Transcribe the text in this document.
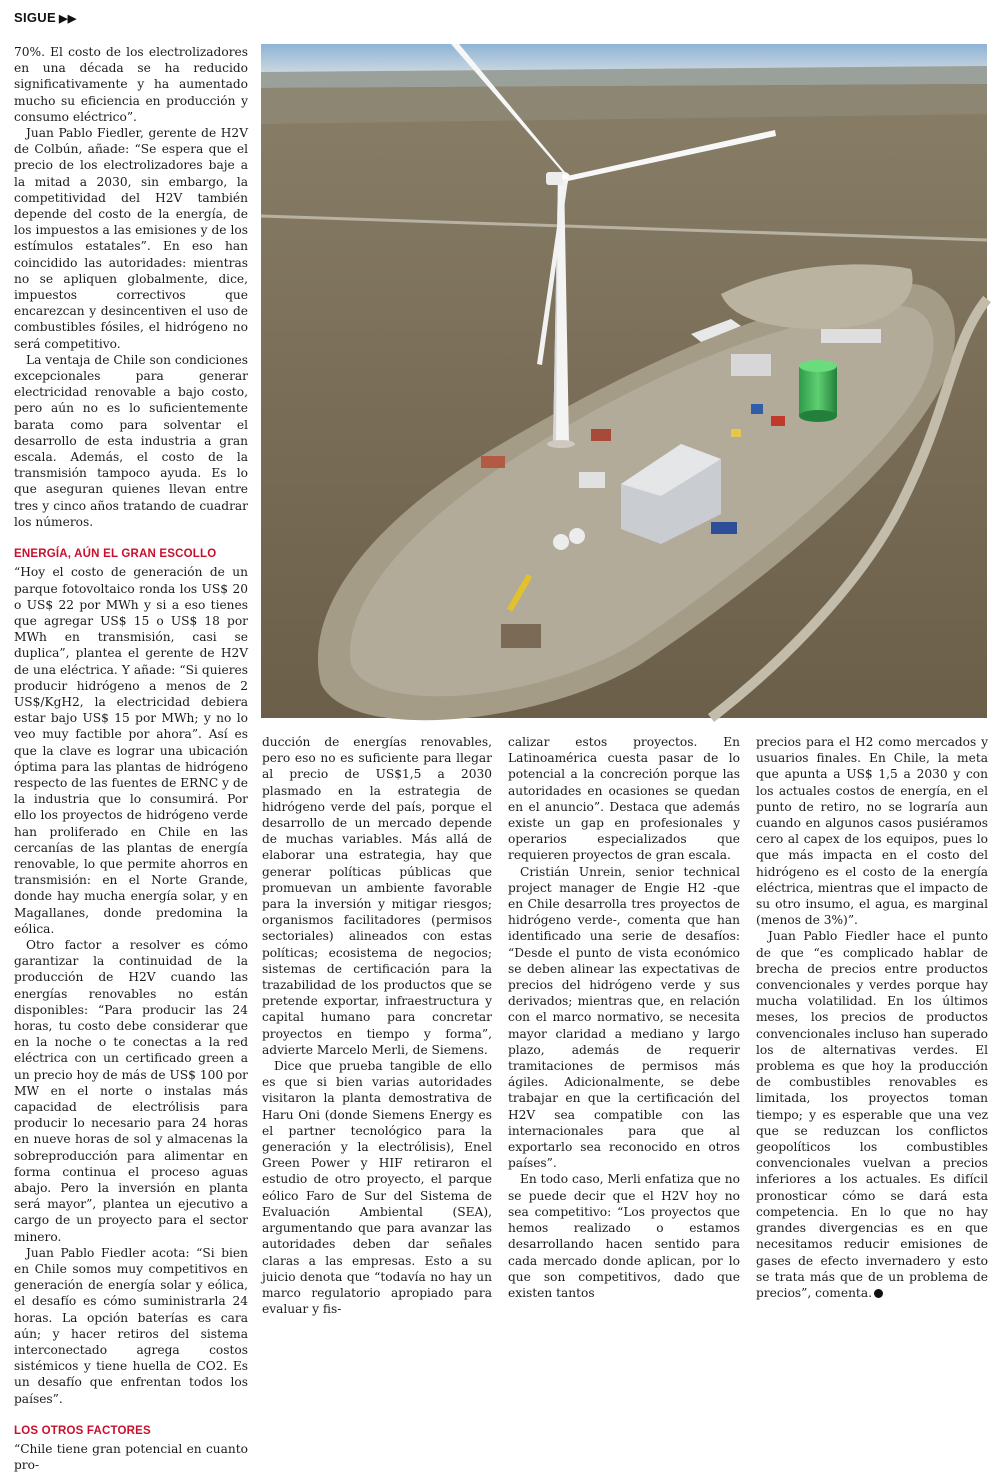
SIGUE ▶▶

70%. El costo de los electrolizadores en una década se ha reducido significativamente y ha aumentado mucho su eficiencia en producción y consumo eléctrico”.

Juan Pablo Fiedler, gerente de H2V de Colbún, añade: “Se espera que el precio de los electrolizadores baje a la mitad a 2030, sin embargo, la competitividad del H2V también depende del costo de la energía, de los impuestos a las emisiones y de los estímulos estatales”. En eso han coincidido las autoridades: mientras no se apliquen globalmente, dice, impuestos correctivos que encarezcan y desincentiven el uso de combustibles fósiles, el hidrógeno no será competitivo.

La ventaja de Chile son condiciones excepcionales para generar electricidad renovable a bajo costo, pero aún no es lo suficientemente barata como para solventar el desarrollo de esta industria a gran escala. Además, el costo de la transmisión tampoco ayuda. Es lo que aseguran quienes llevan entre tres y cinco años tratando de cuadrar los números.

ENERGÍA, AÚN EL GRAN ESCOLLO

“Hoy el costo de generación de un parque fotovoltaico ronda los US$ 20 o US$ 22 por MWh y si a eso tienes que agregar US$ 15 o US$ 18 por MWh en transmisión, casi se duplica”, plantea el gerente de H2V de una eléctrica. Y añade: “Si quieres producir hidrógeno a menos de 2 US$/KgH2, la electricidad debiera estar bajo US$ 15 por MWh; y no lo veo muy factible por ahora”. Así es que la clave es lograr una ubicación óptima para las plantas de hidrógeno respecto de las fuentes de ERNC y de la industria que lo consumirá. Por ello los proyectos de hidrógeno verde han proliferado en Chile en las cercanías de las plantas de energía renovable, lo que permite ahorros en transmisión: en el Norte Grande, donde hay mucha energía solar, y en Magallanes, donde predomina la eólica.

Otro factor a resolver es cómo garantizar la continuidad de la producción de H2V cuando las energías renovables no están disponibles: “Para producir las 24 horas, tu costo debe considerar que en la noche o te conectas a la red eléctrica con un certificado green a un precio hoy de más de US$ 100 por MW en el norte o instalas más capacidad de electrólisis para producir lo necesario para 24 horas en nueve horas de sol y almacenas la sobreproducción para alimentar en forma continua el proceso aguas abajo. Pero la inversión en planta será mayor”, plantea un ejecutivo a cargo de un proyecto para el sector minero.

Juan Pablo Fiedler acota: “Si bien en Chile somos muy competitivos en generación de energía solar y eólica, el desafío es cómo suministrarla 24 horas. La opción baterías es cara aún; y hacer retiros del sistema interconectado agrega costos sistémicos y tiene huella de CO2. Es un desafío que enfrentan todos los países”.

LOS OTROS FACTORES

“Chile tiene gran potencial en cuanto pro-

ducción de energías renovables, pero eso no es suficiente para llegar al precio de US$1,5 a 2030 plasmado en la estrategia de hidrógeno verde del país, porque el desarrollo de un mercado depende de muchas variables. Más allá de elaborar una estrategia, hay que generar políticas públicas que promuevan un ambiente favorable para la inversión y mitigar riesgos; organismos facilitadores (permisos sectoriales) alineados con estas políticas; ecosistema de negocios; sistemas de certificación para la trazabilidad de los productos que se pretende exportar, infraestructura y capital humano para concretar proyectos en tiempo y forma”, advierte Marcelo Merli, de Siemens.

Dice que prueba tangible de ello es que si bien varias autoridades visitaron la planta demostrativa de Haru Oni (donde Siemens Energy es el partner tecnológico para la generación y la electrólisis), Enel Green Power y HIF retiraron el estudio de otro proyecto, el parque eólico Faro de Sur del Sistema de Evaluación Ambiental (SEA), argumentando que para avanzar las autoridades deben dar señales claras a las empresas. Esto a su juicio denota que “todavía no hay un marco regulatorio apropiado para evaluar y fis-

calizar estos proyectos. En Latinoamérica cuesta pasar de lo potencial a la concreción porque las autoridades en ocasiones se quedan en el anuncio”. Destaca que además existe un gap en profesionales y operarios especializados que requieren proyectos de gran escala.

Cristián Unrein, senior technical project manager de Engie H2 -que en Chile desarrolla tres proyectos de hidrógeno verde-, comenta que han identificado una serie de desafíos: “Desde el punto de vista económico se deben alinear las expectativas de precios del hidrógeno verde y sus derivados; mientras que, en relación con el marco normativo, se necesita mayor claridad a mediano y largo plazo, además de requerir tramitaciones de permisos más ágiles. Adicionalmente, se debe trabajar en que la certificación del H2V sea compatible con las internacionales para que al exportarlo sea reconocido en otros países”.

En todo caso, Merli enfatiza que no se puede decir que el H2V hoy no sea competitivo: “Los proyectos que hemos realizado o estamos desarrollando hacen sentido para cada mercado donde aplican, por lo que son competitivos, dado que existen tantos

precios para el H2 como mercados y usuarios finales. En Chile, la meta que apunta a US$ 1,5 a 2030 y con los actuales costos de energía, en el punto de retiro, no se lograría aun cuando en algunos casos pusiéramos cero al capex de los equipos, pues lo que más impacta en el costo del hidrógeno es el costo de la energía eléctrica, mientras que el impacto de su otro insumo, el agua, es marginal (menos de 3%)”.

Juan Pablo Fiedler hace el punto de que “es complicado hablar de brecha de precios entre productos convencionales y verdes porque hay mucha volatilidad. En los últimos meses, los precios de productos convencionales incluso han superado los de alternativas verdes. El problema es que hoy la producción de combustibles renovables es limitada, los proyectos toman tiempo; y es esperable que una vez que se reduzcan los conflictos geopolíticos los combustibles convencionales vuelvan a precios inferiores a los actuales. Es difícil pronosticar cómo se dará esta competencia. En lo que no hay grandes divergencias es en que necesitamos reducir emisiones de gases de efecto invernadero y esto se trata más que de un problema de precios”, comenta. P
